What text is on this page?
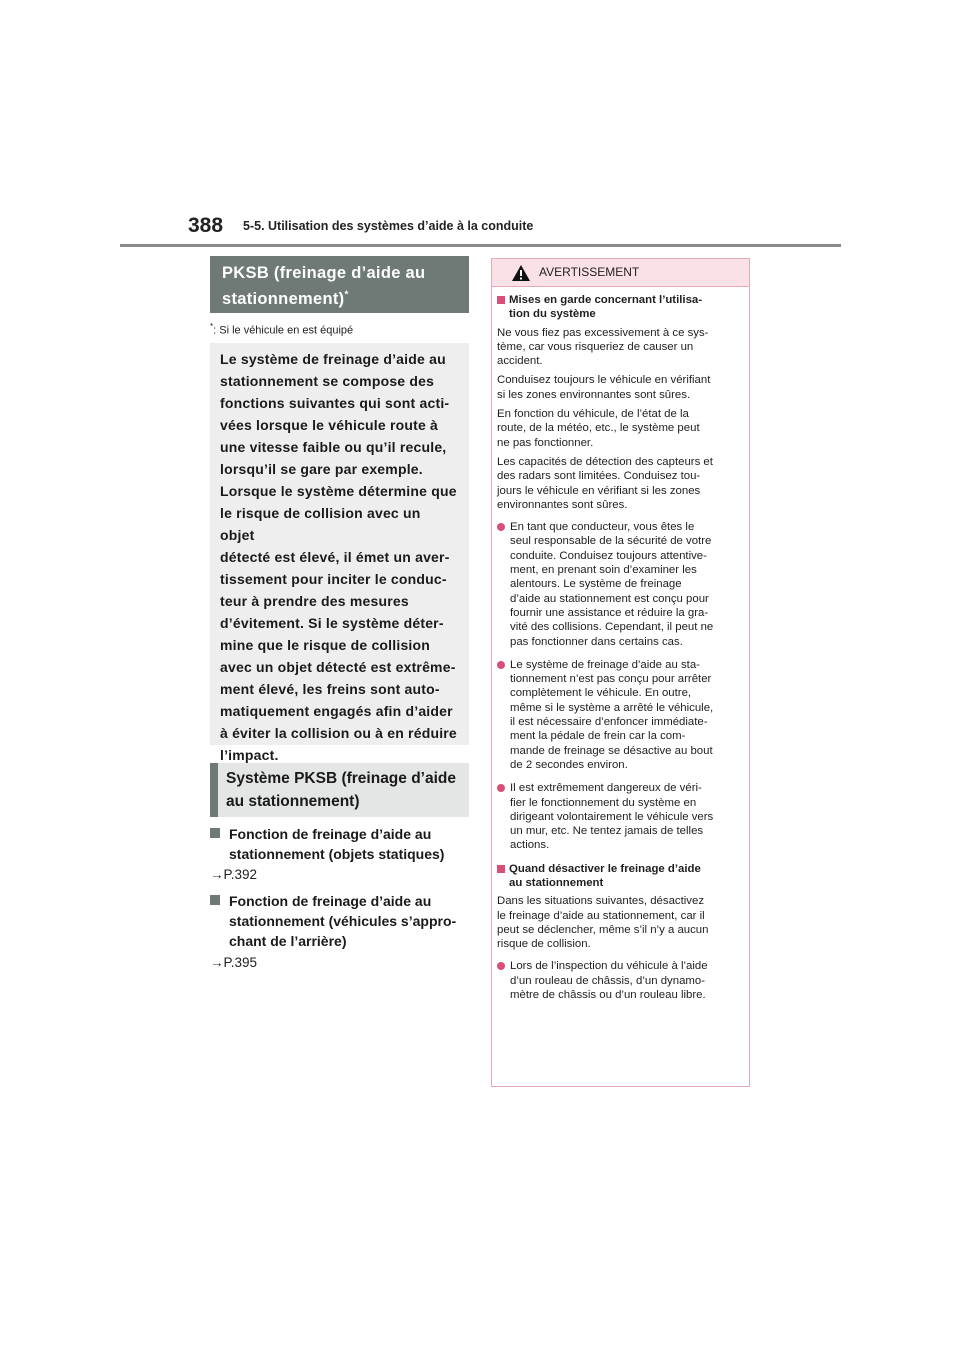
388 5-5. Utilisation des systèmes d’aide à la conduite
PKSB (freinage d’aide au
stationnement)*
*: Si le véhicule en est équipé

Le système de freinage d’aide au

stationnement se compose des

fonctions suivantes qui sont acti-

vées lorsque le véhicule route à

une vitesse faible ou qu’il recule,

lorsqu’il se gare par exemple.

Lorsque le système détermine que

le risque de collision avec un objet

détecté est élevé, il émet un aver-

tissement pour inciter le conduc-

teur à prendre des mesures

d’évitement. Si le système déter-

mine que le risque de collision

avec un objet détecté est extrême-

ment élevé, les freins sont auto-

matiquement engagés afin d’aider

à éviter la collision ou à en réduire

l’impact.

Système PKSB (freinage d’aide
au stationnement)
Fonction de freinage d’aide au
stationnement (objets statiques)
→P.392
Fonction de freinage d’aide au
stationnement (véhicules s’appro-
chant de l’arrière)
→P.395
AVERTISSEMENT
Mises en garde concernant l’utilisa-
tion du système
Ne vous fiez pas excessivement à ce sys-
tème, car vous risqueriez de causer un
accident.
Conduisez toujours le véhicule en vérifiant
si les zones environnantes sont sûres.
En fonction du véhicule, de l’état de la
route, de la météo, etc., le système peut
ne pas fonctionner.
Les capacités de détection des capteurs et
des radars sont limitées. Conduisez tou-
jours le véhicule en vérifiant si les zones
environnantes sont sûres.
En tant que conducteur, vous êtes le
seul responsable de la sécurité de votre
conduite. Conduisez toujours attentive-
ment, en prenant soin d’examiner les
alentours. Le système de freinage
d’aide au stationnement est conçu pour
fournir une assistance et réduire la gra-
vité des collisions. Cependant, il peut ne
pas fonctionner dans certains cas.
Le système de freinage d’aide au sta-
tionnement n’est pas conçu pour arrêter
complètement le véhicule. En outre,
même si le système a arrêté le véhicule,
il est nécessaire d’enfoncer immédiate-
ment la pédale de frein car la com-
mande de freinage se désactive au bout
de 2 secondes environ.
Il est extrêmement dangereux de véri-
fier le fonctionnement du système en
dirigeant volontairement le véhicule vers
un mur, etc. Ne tentez jamais de telles
actions.
Quand désactiver le freinage d’aide
au stationnement
Dans les situations suivantes, désactivez
le freinage d’aide au stationnement, car il
peut se déclencher, même s’il n’y a aucun
risque de collision.
Lors de l’inspection du véhicule à l’aide
d’un rouleau de châssis, d’un dynamo-
mètre de châssis ou d’un rouleau libre.
